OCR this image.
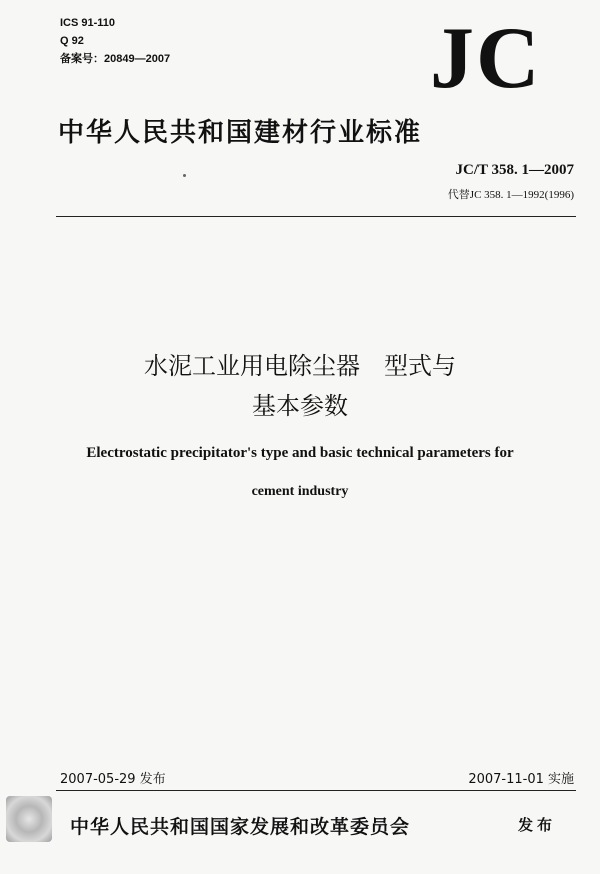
ICS 91-110
Q 92
备案号：20849—2007	JC
中华人民共和国建材行业标准
JC/T 358. 1—2007
代替JC 358. 1—1992(1996)
水泥工业用电除尘器　型式与
基本参数
Electrostatic precipitator's type and basic technical parameters for
cement industry
2007-05-29 发布	2007-11-01 实施
中华人民共和国国家发展和改革委员会	发布
